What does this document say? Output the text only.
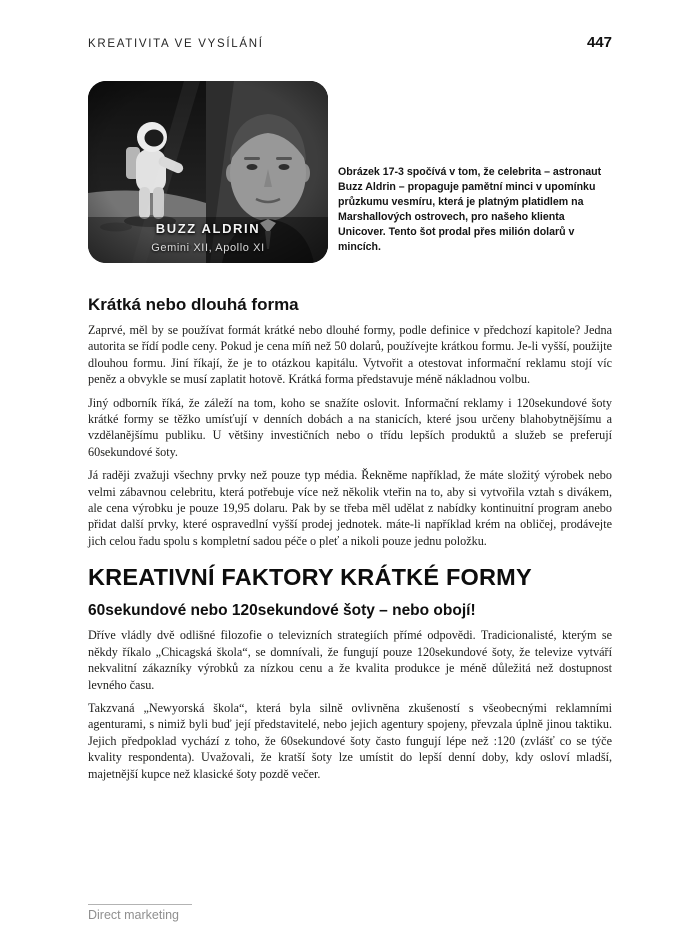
KREATIVITA VE VYSÍLÁNÍ	447
BUZZ ALDRIN
Gemini XII, Apollo XI
Obrázek 17-3 spočívá v tom, že celebrita – astronaut Buzz Aldrin – propaguje pamětní minci v upomínku průzkumu vesmíru, která je platným platidlem na Marshallových ostrovech, pro našeho klienta Unicover. Tento šot prodal přes milión dolarů v mincích.
Krátká nebo dlouhá forma

Zaprvé, měl by se používat formát krátké nebo dlouhé formy, podle definice v předchozí kapitole? Jedna autorita se řídí podle ceny. Pokud je cena míň než 50 dolarů, používejte krátkou formu. Je-li vyšší, použijte dlouhou formu. Jiní říkají, že je to otázkou kapitálu. Vytvořit a otestovat informační reklamu stojí víc peněz a obvykle se musí zaplatit hotově. Krátká forma představuje méně nákladnou volbu.

Jiný odborník říká, že záleží na tom, koho se snažíte oslovit. Informační reklamy i 120sekundové šoty krátké formy se těžko umísťují v denních dobách a na stanicích, které jsou určeny blahobytnějšímu a vzdělanějšímu publiku. U většiny investičních nebo o třídu lepších produktů a služeb se preferují 60sekundové šoty.

Já raději zvažuji všechny prvky než pouze typ média. Řekněme například, že máte složitý výrobek nebo velmi zábavnou celebritu, která potřebuje více než několik vteřin na to, aby si vytvořila vztah s divákem, ale cena výrobku je pouze 19,95 dolaru. Pak by se třeba měl udělat z nabídky kontinuitní program anebo přidat další prvky, které ospravedlní vyšší prodej jednotek. máte-li například krém na obličej, prodávejte jich celou řadu spolu s kompletní sadou péče o pleť a nikoli pouze jednu položku.

KREATIVNÍ FAKTORY KRÁTKÉ FORMY
60sekundové nebo 120sekundové šoty – nebo obojí!

Dříve vládly dvě odlišné filozofie o televizních strategiích přímé odpovědi. Tradicionalisté, kterým se někdy říkalo „Chicagská škola“, se domnívali, že fungují pouze 120sekundové šoty, že televize vytváří nekvalitní zákazníky výrobků za nízkou cenu a že kvalita produkce je méně důležitá než dostupnost levného času.

Takzvaná „Newyorská škola“, která byla silně ovlivněna zkušeností s všeobecnými reklamními agenturami, s nimiž byli buď její představitelé, nebo jejich agentury spojeny, převzala úplně jinou taktiku. Jejich předpoklad vychází z toho, že 60sekundové šoty často fungují lépe než :120 (zvlášť co se týče kvality respondenta). Uvažovali, že kratší šoty lze umístit do lepší denní doby, kdy osloví mladší, majetnější kupce než klasické šoty pozdě večer.

Direct marketing
